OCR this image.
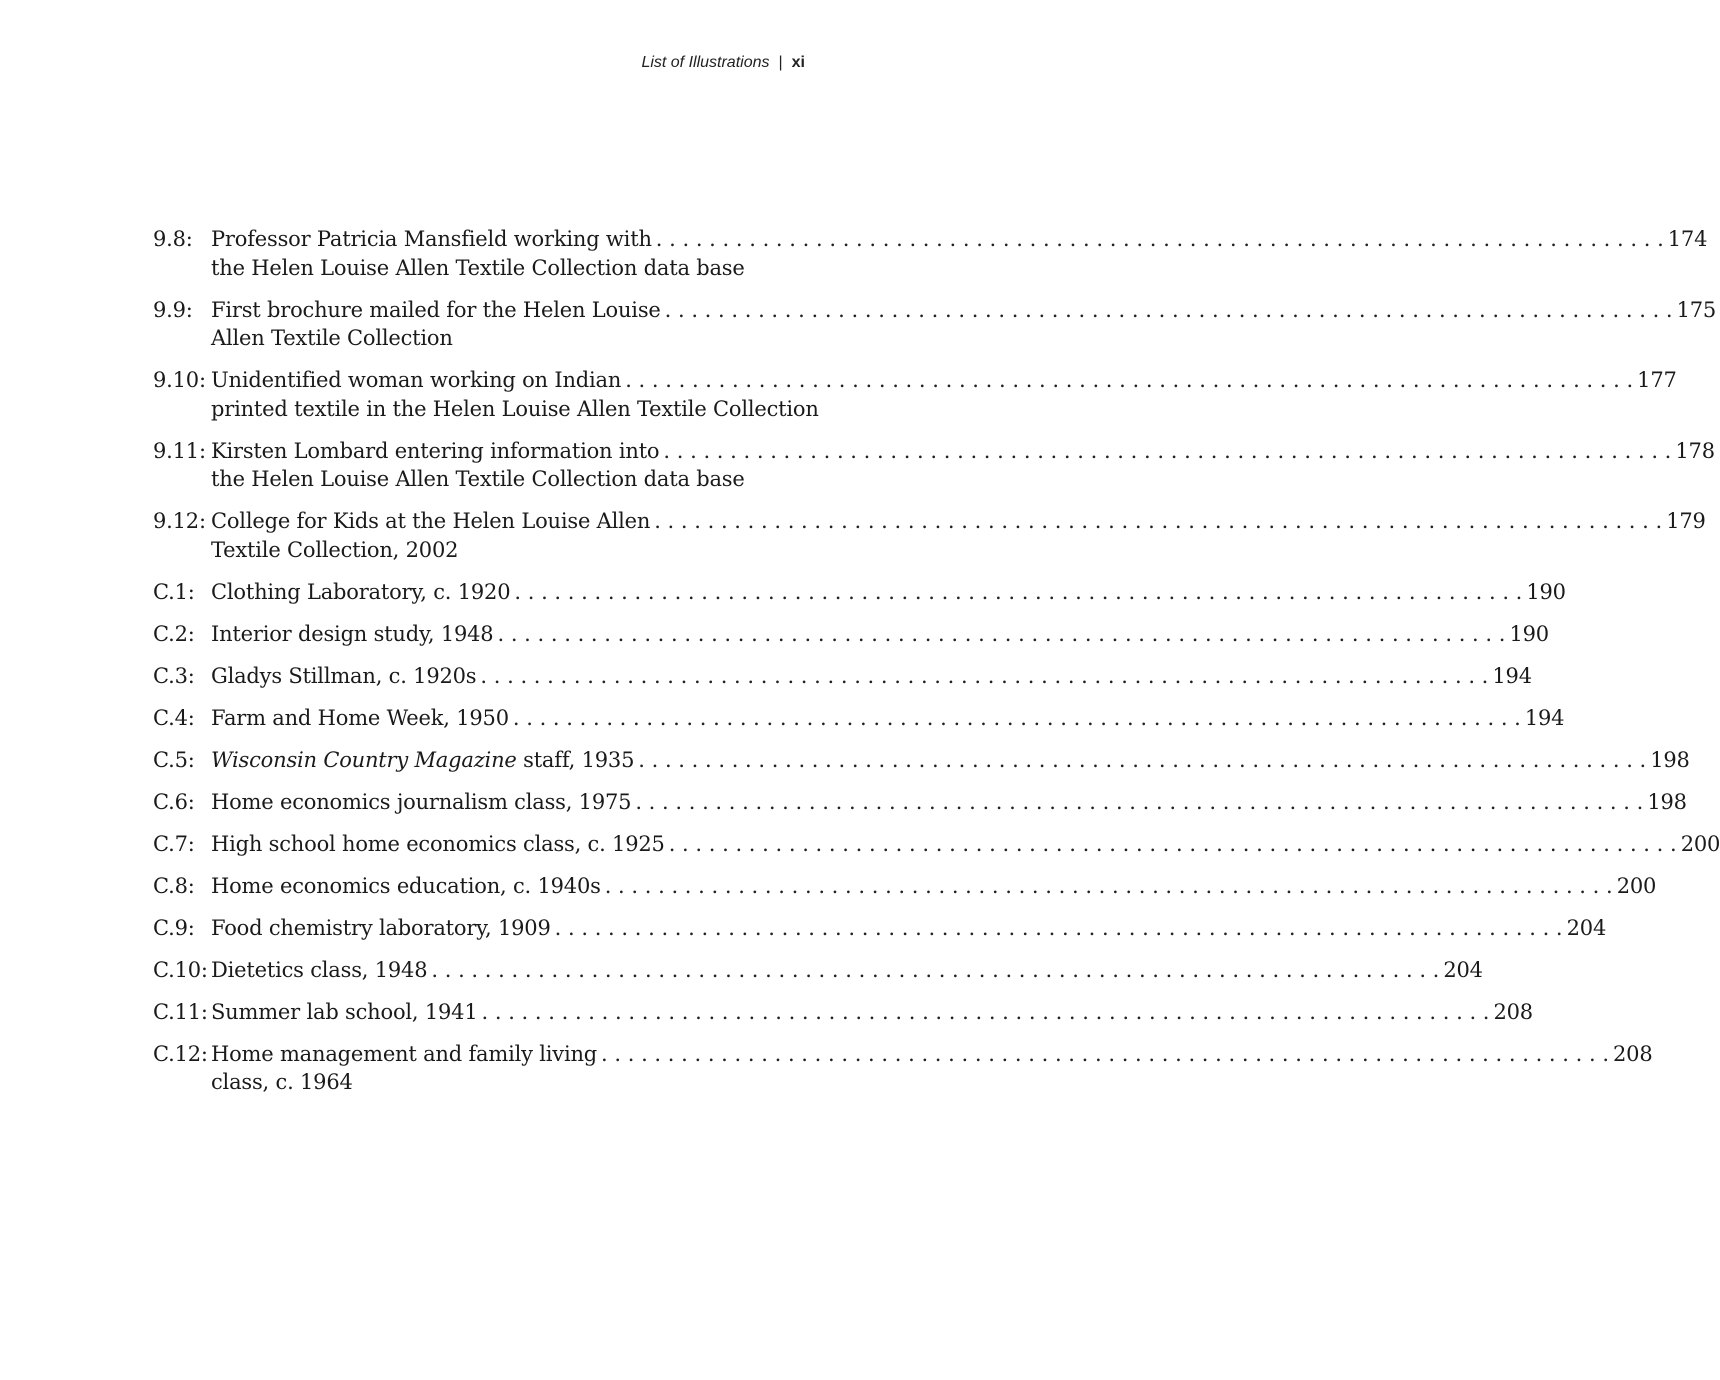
List of Illustrations | xi
9.8: Professor Patricia Mansfield working with . . .	174
the Helen Louise Allen Textile Collection data base
9.9: First brochure mailed for the Helen Louise . . .	175
Allen Textile Collection
9.10: Unidentified woman working on Indian . . .	177
printed textile in the Helen Louise Allen Textile Collection
9.11: Kirsten Lombard entering information into . . .	178
the Helen Louise Allen Textile Collection data base
9.12: College for Kids at the Helen Louise Allen . . .	179
Textile Collection, 2002
C.1: Clothing Laboratory, c. 1920 . . .	190
C.2: Interior design study, 1948 . . .	190
C.3: Gladys Stillman, c. 1920s . . .	194
C.4: Farm and Home Week, 1950 . . .	194
C.5: Wisconsin Country Magazine staff, 1935 . . .	198
C.6: Home economics journalism class, 1975 . . .	198
C.7: High school home economics class, c. 1925 . . .	200
C.8: Home economics education, c. 1940s . . .	200
C.9: Food chemistry laboratory, 1909 . . .	204
C.10: Dietetics class, 1948 . . .	204
C.11: Summer lab school, 1941 . . .	208
C.12: Home management and family living . . .	208
class, c. 1964
